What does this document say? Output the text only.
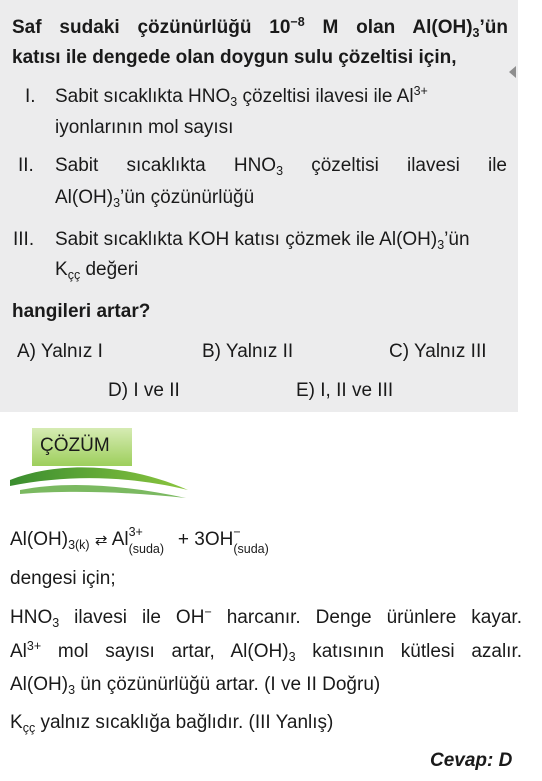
Saf sudaki çözünürlüğü $10^{-8}$ M olan $Al(OH)_3’ün$
katısı ile dengede olan doygun sulu çözeltisi için,
I. Sabit sıcaklıkta $HNO_3$ çözeltisi ilavesi ile $Al^{3+}$
iyonlarının mol sayısı
II. Sabit sıcaklıkta $HNO_3$ çözeltisi ilavesi ile
$Al(OH)_3’ün$ çözünürlüğü
III. Sabit sıcaklıkta KOH katısı çözmek ile $Al(OH)_3’ün$
$K_{çç}$ değeri
hangileri artar?
A) Yalnız I	B) Yalnız II	C) Yalnız III
D) I ve II	E) I, II ve III
ÇÖZÜM
$Al(OH)_{3(k)}$ ⇄ Al 3+
(suda) + 3OH −
(suda)
dengesi için;
$HNO_3$ ilavesi ile OH− harcanır. Denge ürünlere kayar.
$Al^{3+}$ mol sayısı artar, $Al(OH)_3$ katısının kütlesi azalır.
$Al(OH)_3$ ün çözünürlüğü artar. (I ve II Doğru)
$K_{çç}$ yalnız sıcaklığa bağlıdır. (III Yanlış)
Cevap: D
